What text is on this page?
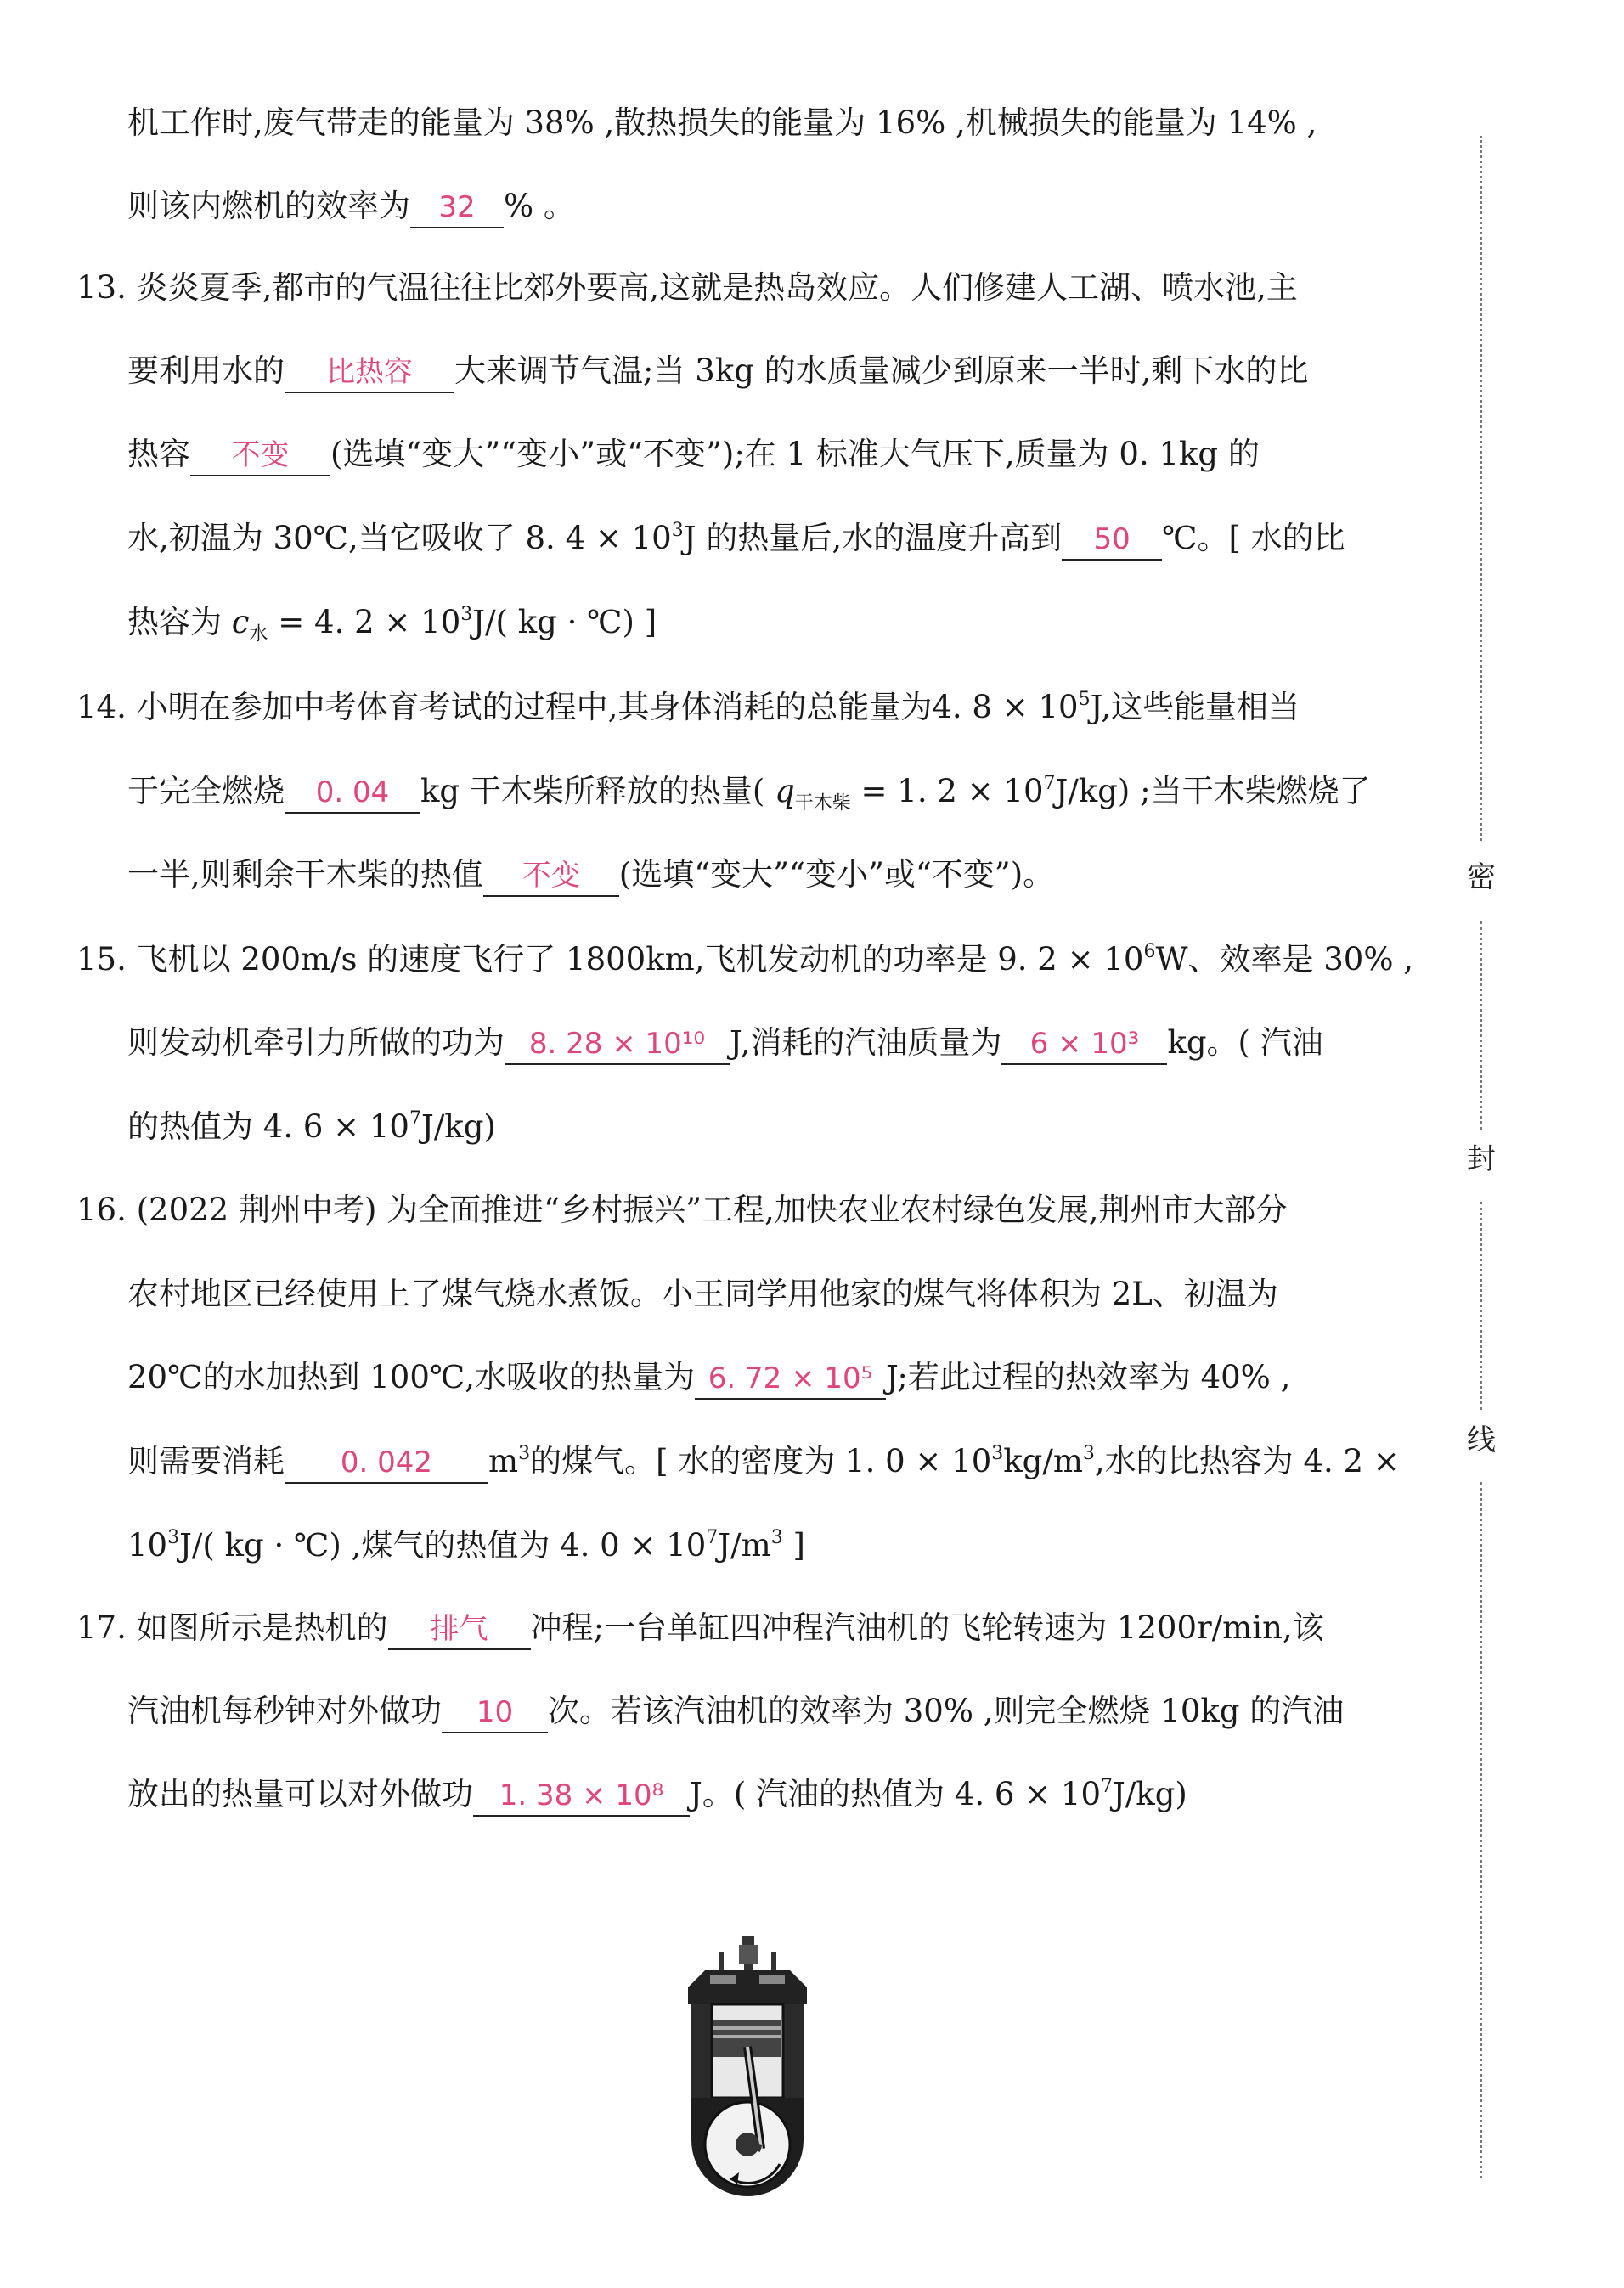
机工作时,废气带走的能量为 38% ,散热损失的能量为 16% ,机械损失的能量为 14% ,
则该内燃机的效率为 32 % 。
13. 炎炎夏季,都市的气温往往比郊外要高,这就是热岛效应。人们修建人工湖、喷水池,主
要利用水的 比热容 大来调节气温;当 3kg 的水质量减少到原来一半时,剩下水的比
热容 不变 (选填“变大”“变小”或“不变”);在 1 标准大气压下,质量为 0. 1kg 的
水,初温为 30℃,当它吸收了 8. $4 \times 10^3J$ 的热量后,水的温度升高到 50 ℃。[ 水的比
热容为 $c_水 = 4$. $2 \times 10^3J/$( kg · ℃) ]
14. 小明在参加中考体育考试的过程中,其身体消耗的总能量为4. $8 \times 10^5J$,这些能量相当
于完全燃烧 0. 04 kg 干木柴所释放的热量( $q_{干木柴} = 1$. $2 \times 10^7J/kg$) ;当干木柴燃烧了
一半,则剩余干木柴的热值 不变 (选填“变大”“变小”或“不变”)。
15. 飞机以 200m/s 的速度飞行了 1800km,飞机发动机的功率是 9. $2 \times 10^6W$、效率是 30% ,
则发动机牵引力所做的功为 8. 28 × 10¹⁰ J,消耗的汽油质量为 6 × 10³ kg。( 汽油
的热值为 4. $6 \times 10^7J/kg$)
16. (2022 荆州中考) 为全面推进“乡村振兴”工程,加快农业农村绿色发展,荆州市大部分
农村地区已经使用上了煤气烧水煮饭。小王同学用他家的煤气将体积为 2L、初温为
20℃的水加热到 100℃,水吸收的热量为 6. 72 × 10⁵ J;若此过程的热效率为 40% ,
则需要消耗 0. 042 $m^3$的煤气。[ 水的密度为 1. $0 \times 10^3kg/m^3$,水的比热容为 4. 2 ×
$10^3J/$( kg · ℃) ,煤气的热值为 4. $0 \times 10^7J/m^3$ ]
17. 如图所示是热机的 排气 冲程;一台单缸四冲程汽油机的飞轮转速为 1200r/min,该
汽油机每秒钟对外做功 10 次。若该汽油机的效率为 30% ,则完全燃烧 10kg 的汽油
放出的热量可以对外做功 1. 38 × 10⁸ J。( 汽油的热值为 4. $6 \times 10^7J/kg$)
密
封
线
